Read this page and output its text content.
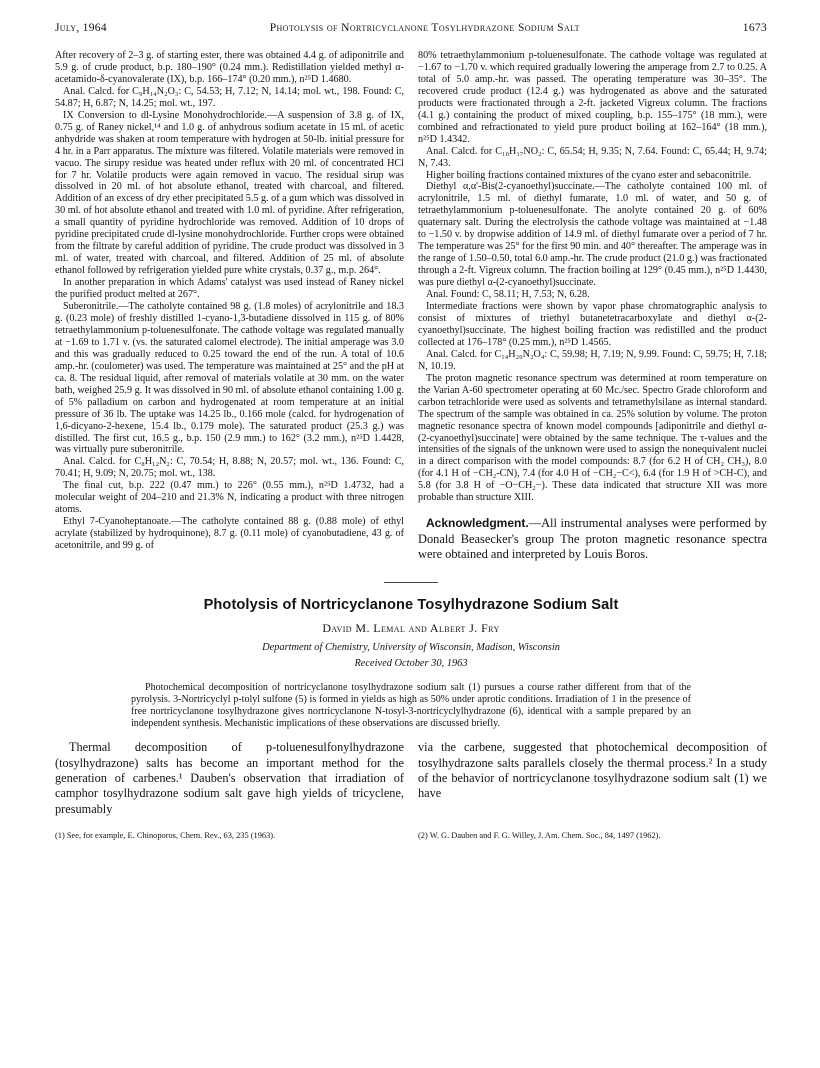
July, 1964	Photolysis of Nortricyclanone Tosylhydrazone Sodium Salt	1673

After recovery of 2–3 g. of starting ester, there was obtained 4.4 g. of adiponitrile and 5.9 g. of crude product, b.p. 180–190° (0.24 mm.). Redistillation yielded methyl α-acetamido-δ-cyanovalerate (IX), b.p. 166–174° (0.20 mm.), n²⁵D 1.4680.

Anal. Calcd. for C₉H₁₄N₂O₃: C, 54.53; H, 7.12; N, 14.14; mol. wt., 198. Found: C, 54.87; H, 6.87; N, 14.25; mol. wt., 197.

IX Conversion to dl-Lysine Monohydrochloride.—A suspension of 3.8 g. of IX, 0.75 g. of Raney nickel,¹⁴ and 1.0 g. of anhydrous sodium acetate in 15 ml. of acetic anhydride was shaken at room temperature with hydrogen at 50-lb. initial pressure for 4 hr. in a Parr apparatus. The mixture was filtered. Volatile materials were removed in vacuo. The sirupy residue was heated under reflux with 20 ml. of concentrated HCl for 7 hr. Volatile products were again removed in vacuo. The residual sirup was dissolved in 20 ml. of hot absolute ethanol, treated with charcoal, and filtered. Addition of an excess of dry ether precipitated 5.5 g. of a gum which was dissolved in 30 ml. of hot absolute ethanol and treated with 1.0 ml. of pyridine. After refrigeration, a small quantity of pyridine hydrochloride was removed. Addition of 10 drops of pyridine precipitated crude dl-lysine monohydrochloride. Further crops were obtained from the filtrate by careful addition of pyridine. The crude product was dissolved in 3 ml. of water, treated with charcoal, and filtered. Addition of 25 ml. of absolute ethanol followed by refrigeration yielded pure white crystals, 0.37 g., m.p. 264°.

In another preparation in which Adams' catalyst was used instead of Raney nickel the purified product melted at 267°.

Suberonitrile.—The catholyte contained 98 g. (1.8 moles) of acrylonitrile and 18.3 g. (0.23 mole) of freshly distilled 1-cyano-1,3-butadiene dissolved in 115 g. of 80% tetraethylammonium p-toluenesulfonate. The cathode voltage was regulated manually at −1.69 to 1.71 v. (vs. the saturated calomel electrode). The initial amperage was 3.0 and this was gradually reduced to 0.25 toward the end of the run. A total of 10.6 amp.-hr. (coulometer) was used. The temperature was maintained at 25° and the pH at ca. 8. The residual liquid, after removal of materials volatile at 30 mm. on the water bath, weighed 25.9 g. It was dissolved in 90 ml. of absolute ethanol containing 1.00 g. of 5% palladium on carbon and hydrogenated at room temperature at an initial pressure of 36 lb. The uptake was 14.25 lb., 0.166 mole (calcd. for hydrogenation of 1,6-dicyano-2-hexene, 15.4 lb., 0.179 mole). The saturated product (25.3 g.) was distilled. The first cut, 16.5 g., b.p. 150 (2.9 mm.) to 162° (3.2 mm.), n²⁵D 1.4428, was virtually pure suberonitrile.

Anal. Calcd. for C₈H₁₂N₂: C, 70.54; H, 8.88; N, 20.57; mol. wt., 136. Found: C, 70.41; H, 9.09; N, 20.75; mol. wt., 138.

The final cut, b.p. 222 (0.47 mm.) to 226° (0.55 mm.), n²⁵D 1.4732, had a molecular weight of 204–210 and 21.3% N, indicating a product with three nitrogen atoms.

Ethyl 7-Cyanoheptanoate.—The catholyte contained 88 g. (0.88 mole) of ethyl acrylate (stabilized by hydroquinone), 8.7 g. (0.11 mole) of cyanobutadiene, 43 g. of acetonitrile, and 99 g. of

80% tetraethylammonium p-toluenesulfonate. The cathode voltage was regulated at −1.67 to −1.70 v. which required gradually lowering the amperage from 2.7 to 0.25. A total of 5.0 amp.-hr. was passed. The operating temperature was 30–35°. The recovered crude product (12.4 g.) was hydrogenated as above and the saturated products were fractionated through a 2-ft. jacketed Vigreux column. The fractions (4.1 g.) containing the product of mixed coupling, b.p. 155–175° (18 mm.), were combined and refractionated to yield pure product boiling at 162–164° (18 mm.), n²⁵D 1.4342.

Anal. Calcd. for C₁₀H₁₇NO₂: C, 65.54; H, 9.35; N, 7.64. Found: C, 65.44; H, 9.74; N, 7.43.

Higher boiling fractions contained mixtures of the cyano ester and sebaconitrile.

Diethyl α,α'-Bis(2-cyanoethyl)succinate.—The catholyte contained 100 ml. of acrylonitrile, 1.5 ml. of diethyl fumarate, 1.0 ml. of water, and 50 g. of tetraethylammonium p-toluenesulfonate. The anolyte contained 20 g. of 60% quaternary salt. During the electrolysis the cathode voltage was maintained at −1.48 to −1.50 v. by dropwise addition of 14.9 ml. of diethyl fumarate over a period of 7 hr. The temperature was 25° for the first 90 min. and 40° thereafter. The amperage was in the range of 1.50–0.50, total 6.0 amp.-hr. The crude product (21.0 g.) was fractionated through a 2-ft. Vigreux column. The fraction boiling at 129° (0.45 mm.), n²⁵D 1.4430, was pure diethyl α-(2-cyanoethyl)succinate.

Anal. Found: C, 58.11; H, 7.53; N, 6.28.

Intermediate fractions were shown by vapor phase chromatographic analysis to consist of mixtures of triethyl butanetetracarboxylate and diethyl α-(2-cyanoethyl)succinate. The highest boiling fraction was redistilled and the product collected at 176–178° (0.25 mm.), n²⁵D 1.4565.

Anal. Calcd. for C₁₄H₂₀N₂O₄: C, 59.98; H, 7.19; N, 9.99. Found: C, 59.75; H, 7.18; N, 10.19.

The proton magnetic resonance spectrum was determined at room temperature on the Varian A-60 spectrometer operating at 60 Mc./sec. Spectro Grade chloroform and carbon tetrachloride were used as solvents and tetramethylsilane as internal standard. The spectrum of the sample was obtained in ca. 25% solution by volume. The proton magnetic resonance spectra of known model compounds [adiponitrile and diethyl α-(2-cyanoethyl)succinate] were obtained by the same technique. The τ-values and the intensities of the signals of the unknown were used to assign the nonequivalent nuclei in a direct comparison with the model compounds: 8.7 (for 6.2 H of CH₂ CH₃), 8.0 (for 4.1 H of −CH₂-CN), 7.4 (for 4.0 H of −CH₂−C<), 6.4 (for 1.9 H of >CH-C), and 5.8 (for 3.8 H of −O−CH₂−). These data indicated that structure XII was more probable than structure XIII.

Acknowledgment.—All instrumental analyses were performed by Donald Beasecker's group The proton magnetic resonance spectra were obtained and interpreted by Louis Boros.

Photolysis of Nortricyclanone Tosylhydrazone Sodium Salt
David M. Lemal and Albert J. Fry
Department of Chemistry, University of Wisconsin, Madison, Wisconsin
Received October 30, 1963
Photochemical decomposition of nortricyclanone tosylhydrazone sodium salt (1) pursues a course rather different from that of the pyrolysis. 3-Nortricyclyl p-tolyl sulfone (5) is formed in yields as high as 50% under aprotic conditions. Irradiation of 1 in the presence of free nortricyclanone tosylhydrazone gives nortricyclanone N-tosyl-3-nortricyclylhydrazone (6), identical with a sample prepared by an independent synthesis. Mechanistic implications of these observations are discussed briefly.

Thermal decomposition of p-toluenesulfonylhydrazone (tosylhydrazone) salts has become an important method for the generation of carbenes.¹ Dauben's observation that irradiation of camphor tosylhydrazone sodium salt gave high yields of tricyclene, presumably

via the carbene, suggested that photochemical decomposition of tosylhydrazone salts parallels closely the thermal process.² In a study of the behavior of nortricyclanone tosylhydrazone sodium salt (1) we have

(1) See, for example, E. Chinoporos, Chem. Rev., 63, 235 (1963).	(2) W. G. Dauben and F. G. Willey, J. Am. Chem. Soc., 84, 1497 (1962).
